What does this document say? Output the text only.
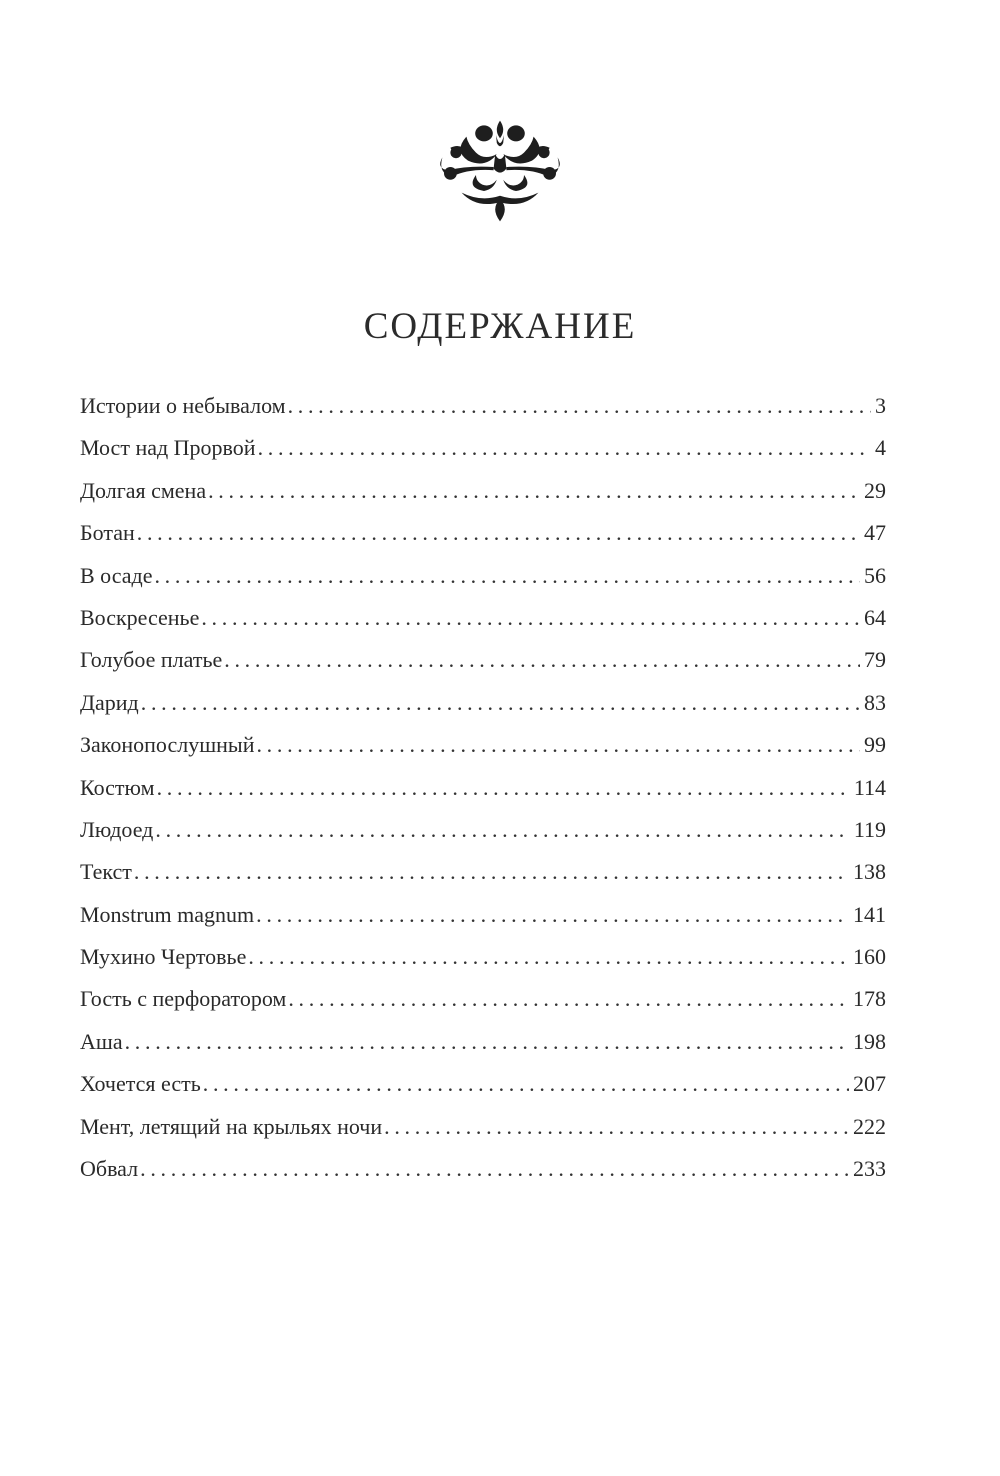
СОДЕРЖАНИЕ
Истории о небывалом . . .	3
Мост над Прорвой . . .	4
Долгая смена . . .	29
Ботан . . .	47
В осаде . . .	56
Воскресенье . . .	64
Голубое платье . . .	79
Дарид . . .	83
Законопослушный . . .	99
Костюм . . .	114
Людоед . . .	119
Текст . . .	138
Monstrum magnum . . .	141
Мухино Чертовье . . .	160
Гость с перфоратором . . .	178
Аша . . .	198
Хочется есть . . .	207
Мент, летящий на крыльях ночи . . .	222
Обвал . . .	233
